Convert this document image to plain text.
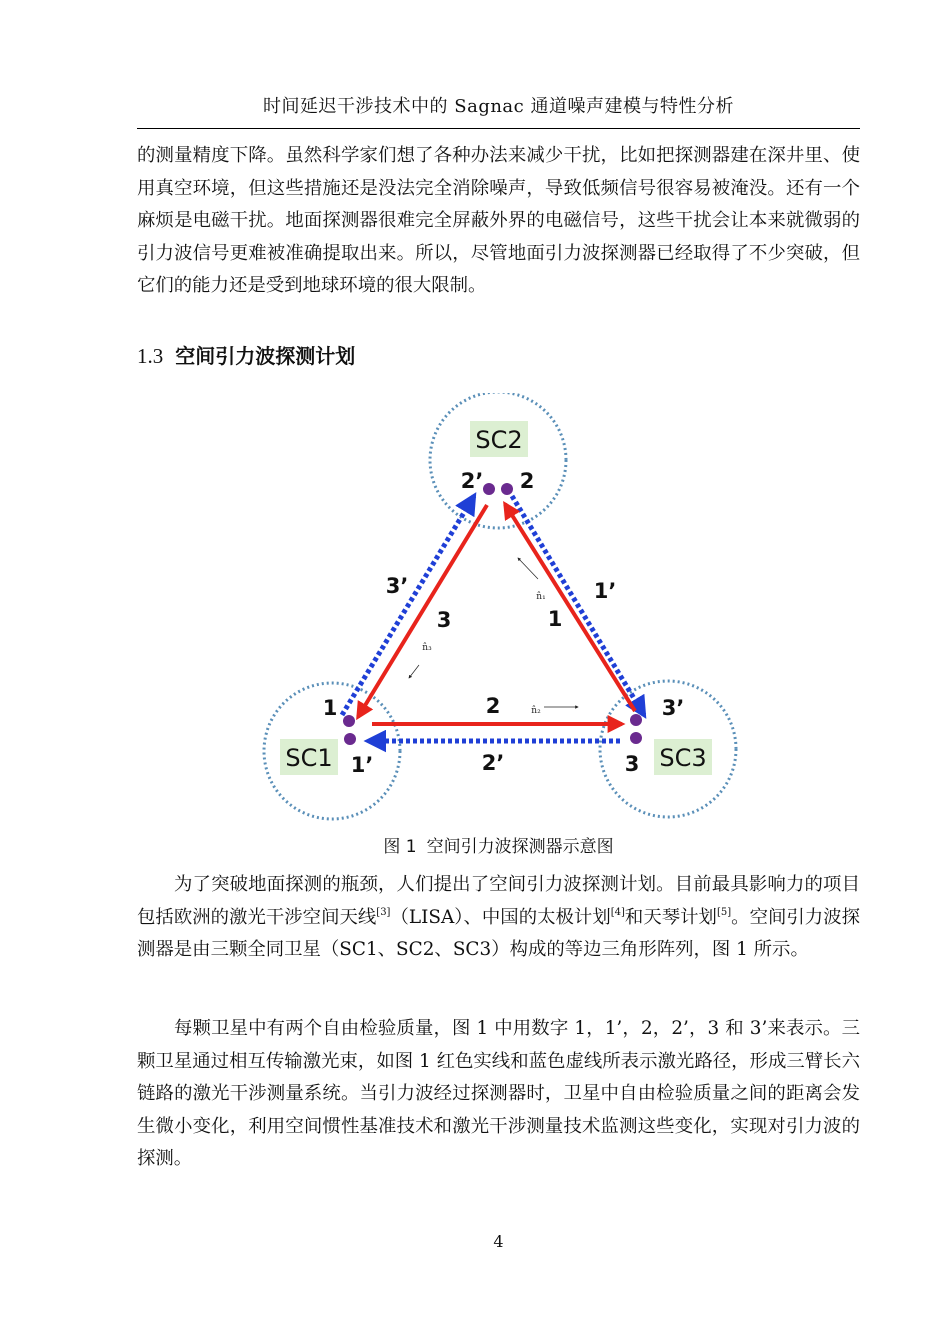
时间延迟干涉技术中的 Sagnac 通道噪声建模与特性分析

的测量精度下降。虽然科学家们想了各种办法来减少干扰，比如把探测器建在深井里、使用真空环境，但这些措施还是没法完全消除噪声，导致低频信号很容易被淹没。还有一个麻烦是电磁干扰。地面探测器很难完全屏蔽外界的电磁信号，这些干扰会让本来就微弱的引力波信号更难被准确提取出来。所以，尽管地面引力波探测器已经取得了不少突破，但它们的能力还是受到地球环境的很大限制。

1.3 空间引力波探测计划
SC2
SC1	SC3
2’ 2
1
1’
3’
3
3’
3
1’
1
2
2’
n̂₁
n̂₂
n̂₃
图 1 空间引力波探测器示意图

为了突破地面探测的瓶颈，人们提出了空间引力波探测计划。目前最具影响力的项目包括欧洲的激光干涉空间天线[3]（LISA）、中国的太极计划[4]和天琴计划[5]。空间引力波探测器是由三颗全同卫星（SC1、SC2、SC3）构成的等边三角形阵列，图 1 所示。

每颗卫星中有两个自由检验质量，图 1 中用数字 1，1’，2，2’，3 和 3’来表示。三颗卫星通过相互传输激光束，如图 1 红色实线和蓝色虚线所表示激光路径，形成三臂长六链路的激光干涉测量系统。当引力波经过探测器时，卫星中自由检验质量之间的距离会发生微小变化，利用空间惯性基准技术和激光干涉测量技术监测这些变化，实现对引力波的探测。

4
